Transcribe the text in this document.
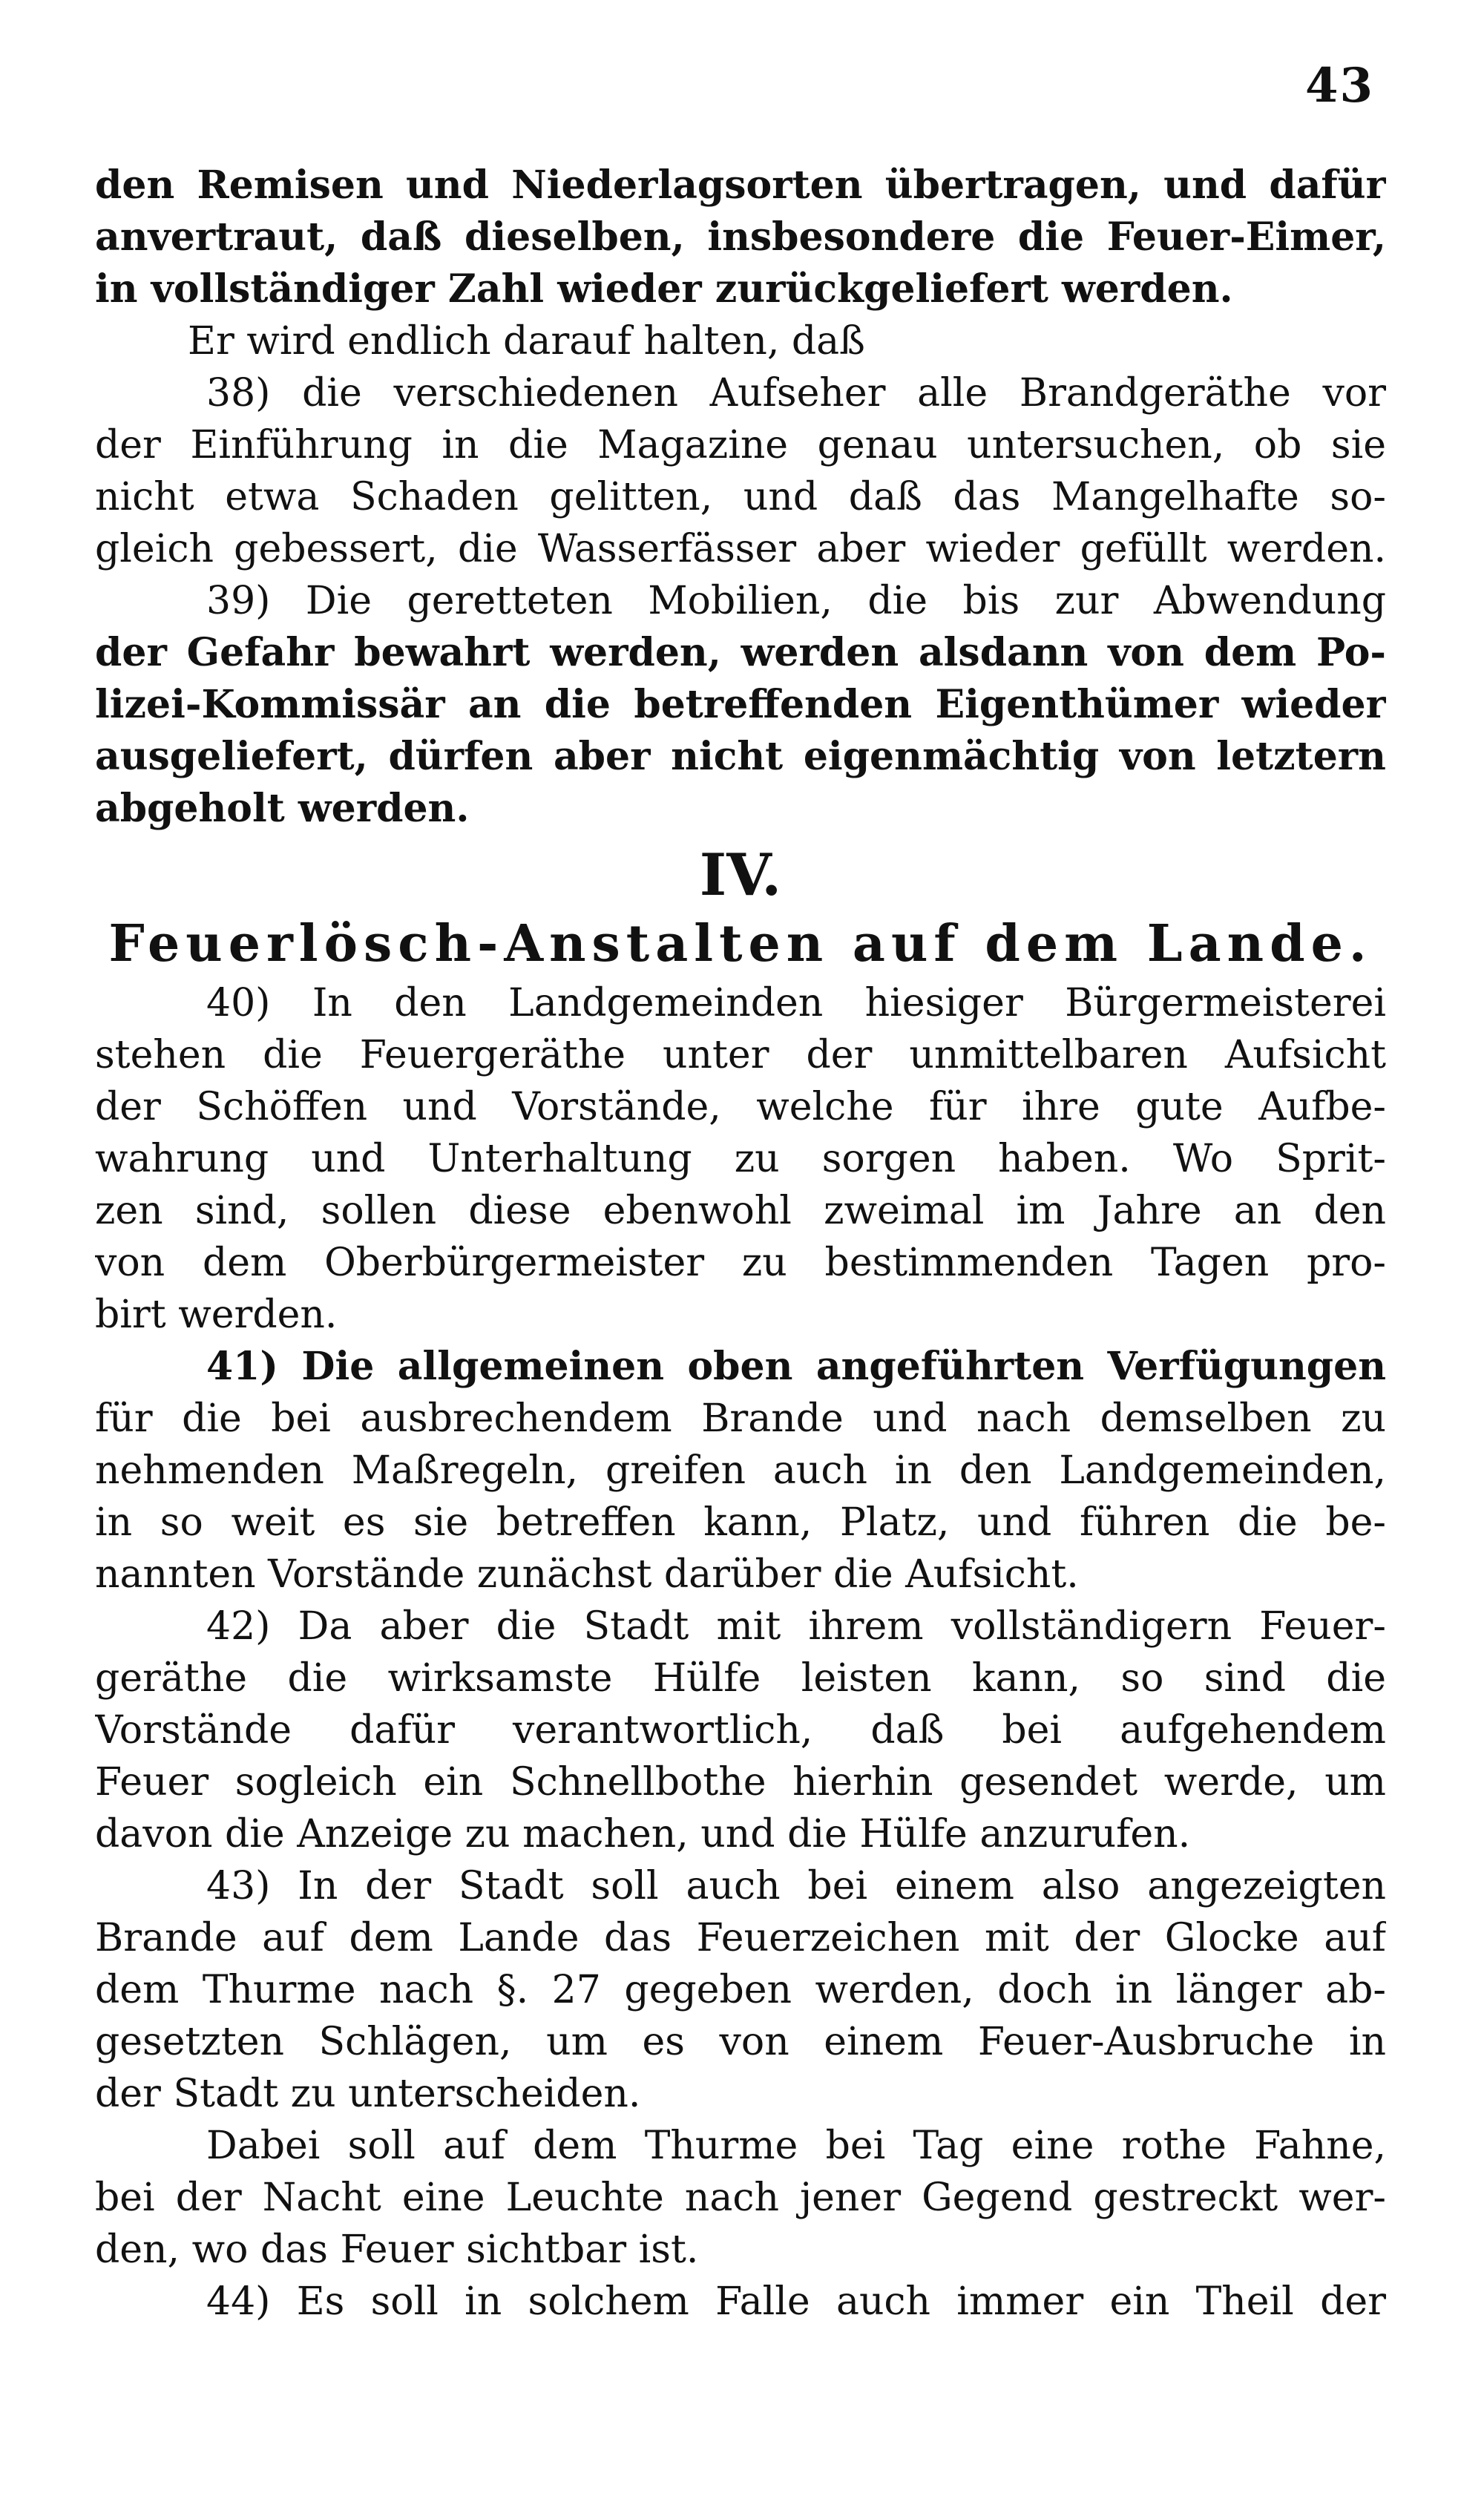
43
den Remisen und Niederlagsorten übertragen, und dafür
anvertraut, daß dieselben, insbesondere die Feuer-Eimer,
in vollständiger Zahl wieder zurückgeliefert werden.
Er wird endlich darauf halten, daß
38) die verschiedenen Aufseher alle Brandgeräthe vor
der Einführung in die Magazine genau untersuchen, ob sie
nicht etwa Schaden gelitten, und daß das Mangelhafte so-
gleich gebessert, die Wasserfässer aber wieder gefüllt werden.
39) Die geretteten Mobilien, die bis zur Abwendung
der Gefahr bewahrt werden, werden alsdann von dem Po-
lizei-Kommissär an die betreffenden Eigenthümer wieder
ausgeliefert, dürfen aber nicht eigenmächtig von letztern
abgeholt werden.
IV.
Feuerlösch-Anstalten auf dem Lande.
40) In den Landgemeinden hiesiger Bürgermeisterei
stehen die Feuergeräthe unter der unmittelbaren Aufsicht
der Schöffen und Vorstände, welche für ihre gute Aufbe-
wahrung und Unterhaltung zu sorgen haben. Wo Sprit-
zen sind, sollen diese ebenwohl zweimal im Jahre an den
von dem Oberbürgermeister zu bestimmenden Tagen pro-
birt werden.
41) Die allgemeinen oben angeführten Verfügungen
für die bei ausbrechendem Brande und nach demselben zu
nehmenden Maßregeln, greifen auch in den Landgemeinden,
in so weit es sie betreffen kann, Platz, und führen die be-
nannten Vorstände zunächst darüber die Aufsicht.
42) Da aber die Stadt mit ihrem vollständigern Feuer-
geräthe die wirksamste Hülfe leisten kann, so sind die
Vorstände dafür verantwortlich, daß bei aufgehendem
Feuer sogleich ein Schnellbothe hierhin gesendet werde, um
davon die Anzeige zu machen, und die Hülfe anzurufen.
43) In der Stadt soll auch bei einem also angezeigten
Brande auf dem Lande das Feuerzeichen mit der Glocke auf
dem Thurme nach §. 27 gegeben werden, doch in länger ab-
gesetzten Schlägen, um es von einem Feuer-Ausbruche in
der Stadt zu unterscheiden.
Dabei soll auf dem Thurme bei Tag eine rothe Fahne,
bei der Nacht eine Leuchte nach jener Gegend gestreckt wer-
den, wo das Feuer sichtbar ist.
44) Es soll in solchem Falle auch immer ein Theil der
